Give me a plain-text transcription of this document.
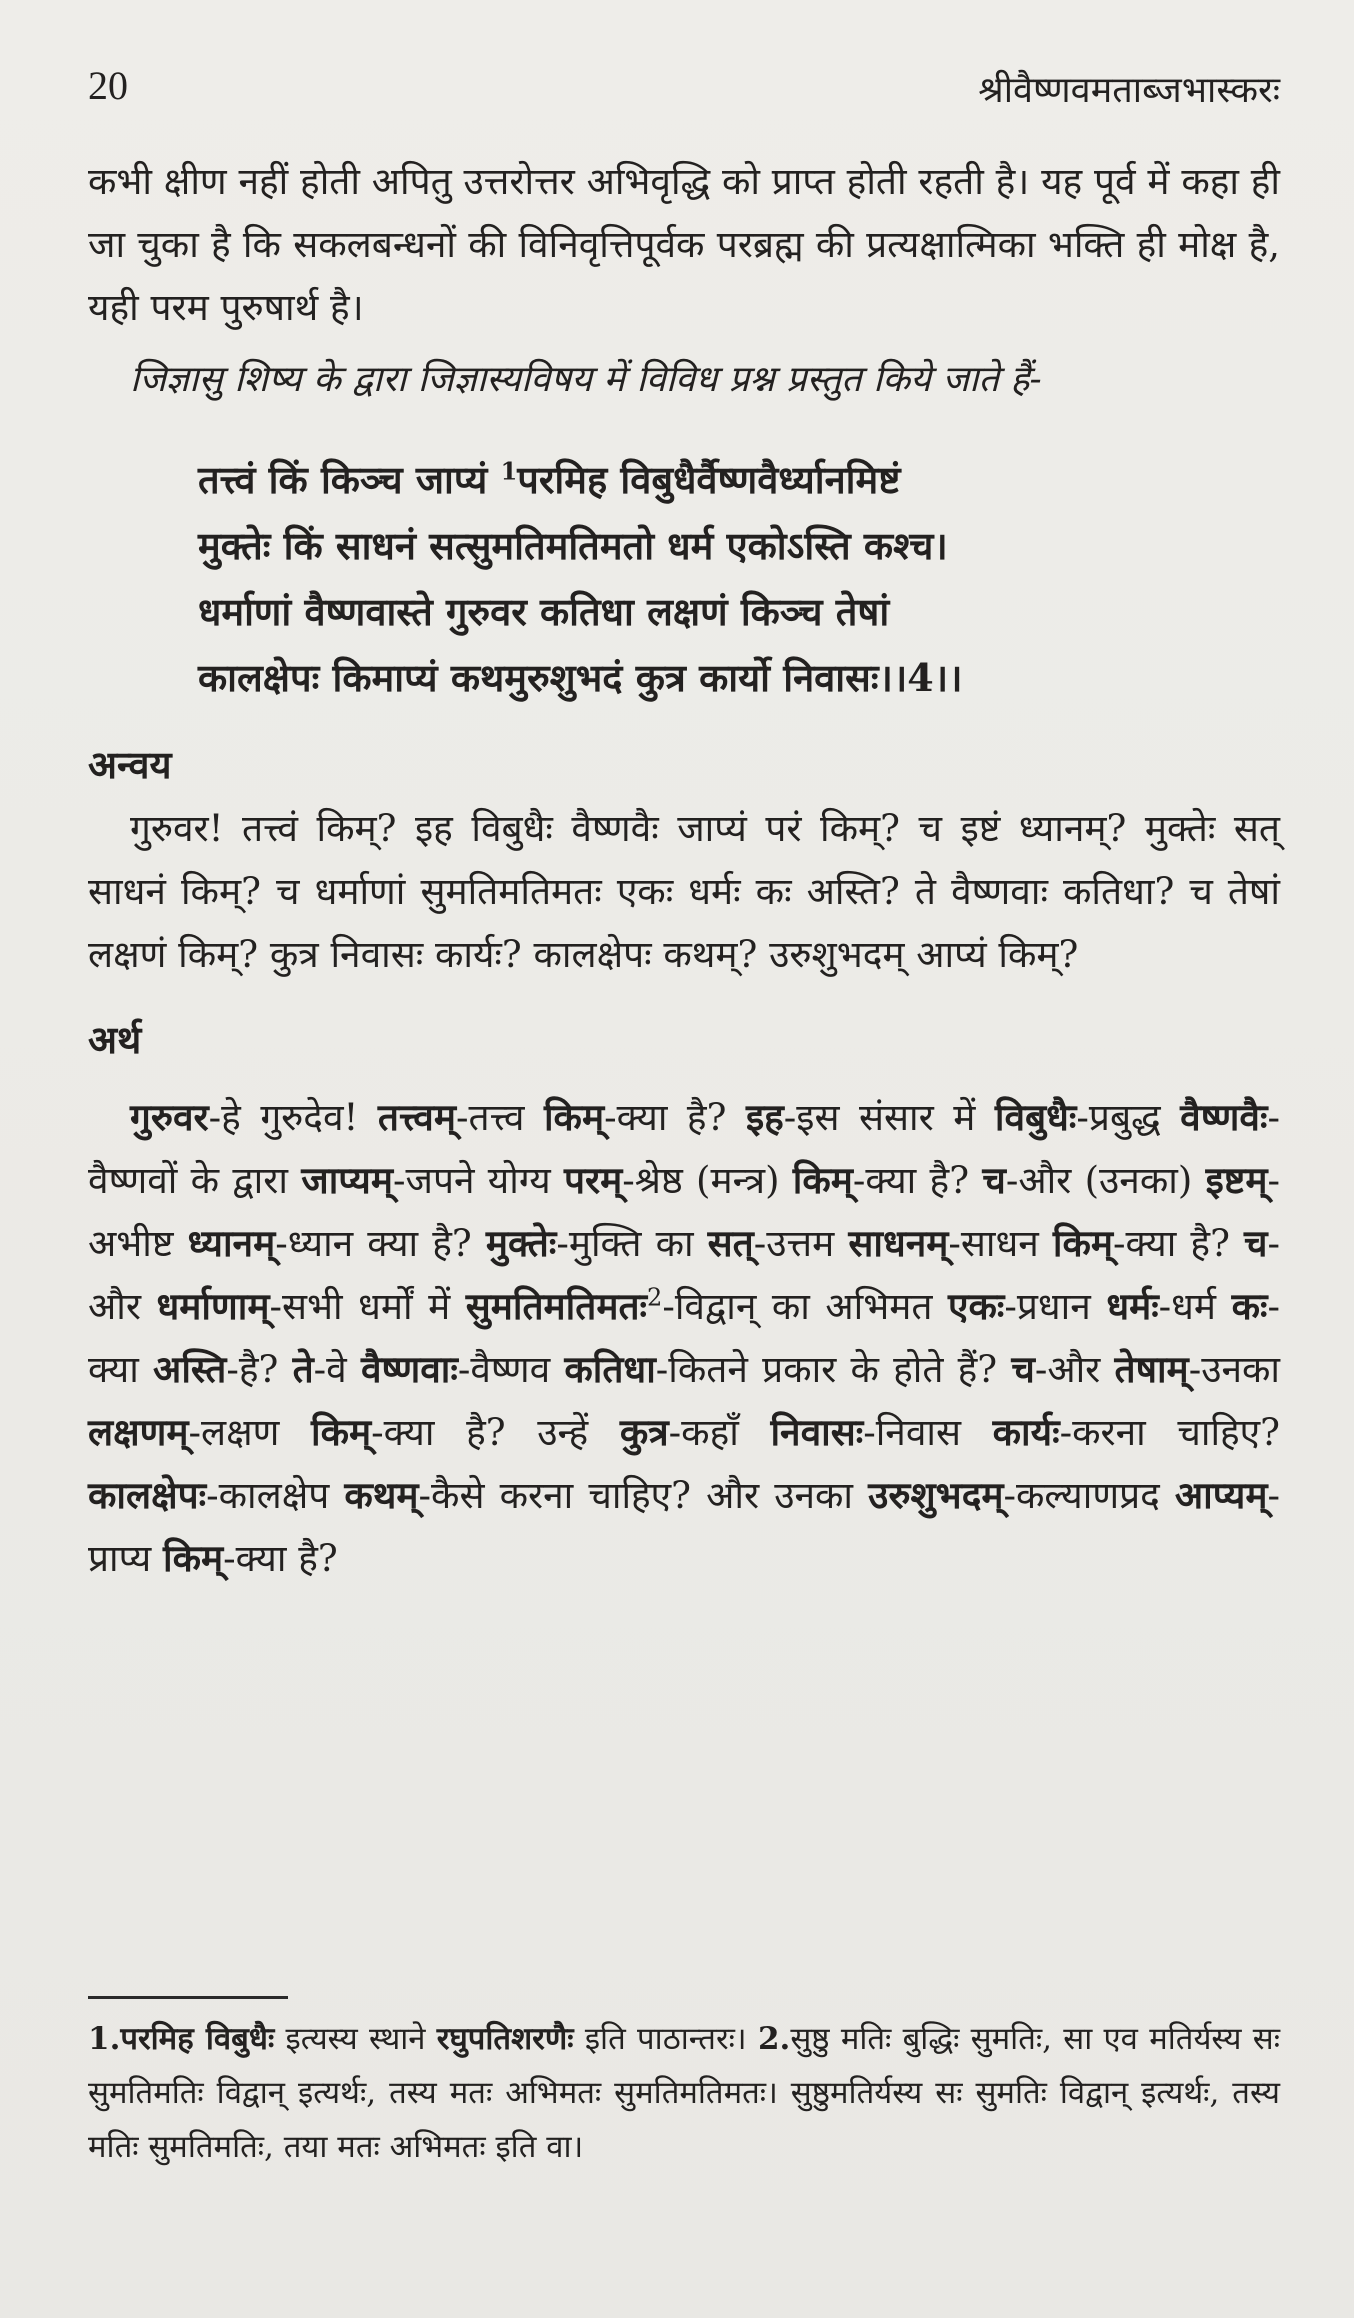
20	श्रीवैष्णवमताब्जभास्करः

कभी क्षीण नहीं होती अपितु उत्तरोत्तर अभिवृद्धि को प्राप्त होती रहती है। यह पूर्व में कहा ही जा चुका है कि सकलबन्धनों की विनिवृत्तिपूर्वक परब्रह्म की प्रत्यक्षात्मिका भक्ति ही मोक्ष है, यही परम पुरुषार्थ है।

जिज्ञासु शिष्य के द्वारा जिज्ञास्यविषय में विविध प्रश्न प्रस्तुत किये जाते हैं-

तत्त्वं किं किञ्च जाप्यं $^1$परमिह विबुधैर्वैष्णवैर्ध्यानमिष्टं
मुक्तेः किं साधनं सत्सुमतिमतिमतो धर्म एकोऽस्ति कश्च।
धर्माणां वैष्णवास्ते गुरुवर कतिधा लक्षणं किञ्च तेषां
कालक्षेपः किमाप्यं कथमुरुशुभदं कुत्र कार्यो निवासः।।4।।
अन्वय

गुरुवर! तत्त्वं किम्? इह विबुधैः वैष्णवैः जाप्यं परं किम्? च इष्टं ध्यानम्? मुक्तेः सत् साधनं किम्? च धर्माणां सुमतिमतिमतः एकः धर्मः कः अस्ति? ते वैष्णवाः कतिधा? च तेषां लक्षणं किम्? कुत्र निवासः कार्यः? कालक्षेपः कथम्? उरुशुभदम् आप्यं किम्?

अर्थ

गुरुवर-हे गुरुदेव! तत्त्वम्-तत्त्व किम्-क्या है? इह-इस संसार में विबुधैः-प्रबुद्ध वैष्णवैः-वैष्णवों के द्वारा जाप्यम्-जपने योग्य परम्-श्रेष्ठ (मन्त्र) किम्-क्या है? च-और (उनका) इष्टम्-अभीष्ट ध्यानम्-ध्यान क्या है? मुक्तेः-मुक्ति का सत्-उत्तम साधनम्-साधन किम्-क्या है? च-और धर्माणाम्-सभी धर्मों में सुमतिमतिमतः$^2$-विद्वान् का अभिमत एकः-प्रधान धर्मः-धर्म कः-क्या अस्ति-है? ते-वे वैष्णवाः-वैष्णव कतिधा-कितने प्रकार के होते हैं? च-और तेषाम्-उनका लक्षणम्-लक्षण किम्-क्या है? उन्हें कुत्र-कहाँ निवासः-निवास कार्यः-करना चाहिए? कालक्षेपः-कालक्षेप कथम्-कैसे करना चाहिए? और उनका उरुशुभदम्-कल्याणप्रद आप्यम्-प्राप्य किम्-क्या है?

1.परमिह विबुधैः इत्यस्य स्थाने रघुपतिशरणैः इति पाठान्तरः। 2.सुष्ठु मतिः बुद्धिः सुमतिः, सा एव मतिर्यस्य सः सुमतिमतिः विद्वान् इत्यर्थः, तस्य मतः अभिमतः सुमतिमतिमतः। सुष्ठुमतिर्यस्य सः सुमतिः विद्वान् इत्यर्थः, तस्य मतिः सुमतिमतिः, तया मतः अभिमतः इति वा।
